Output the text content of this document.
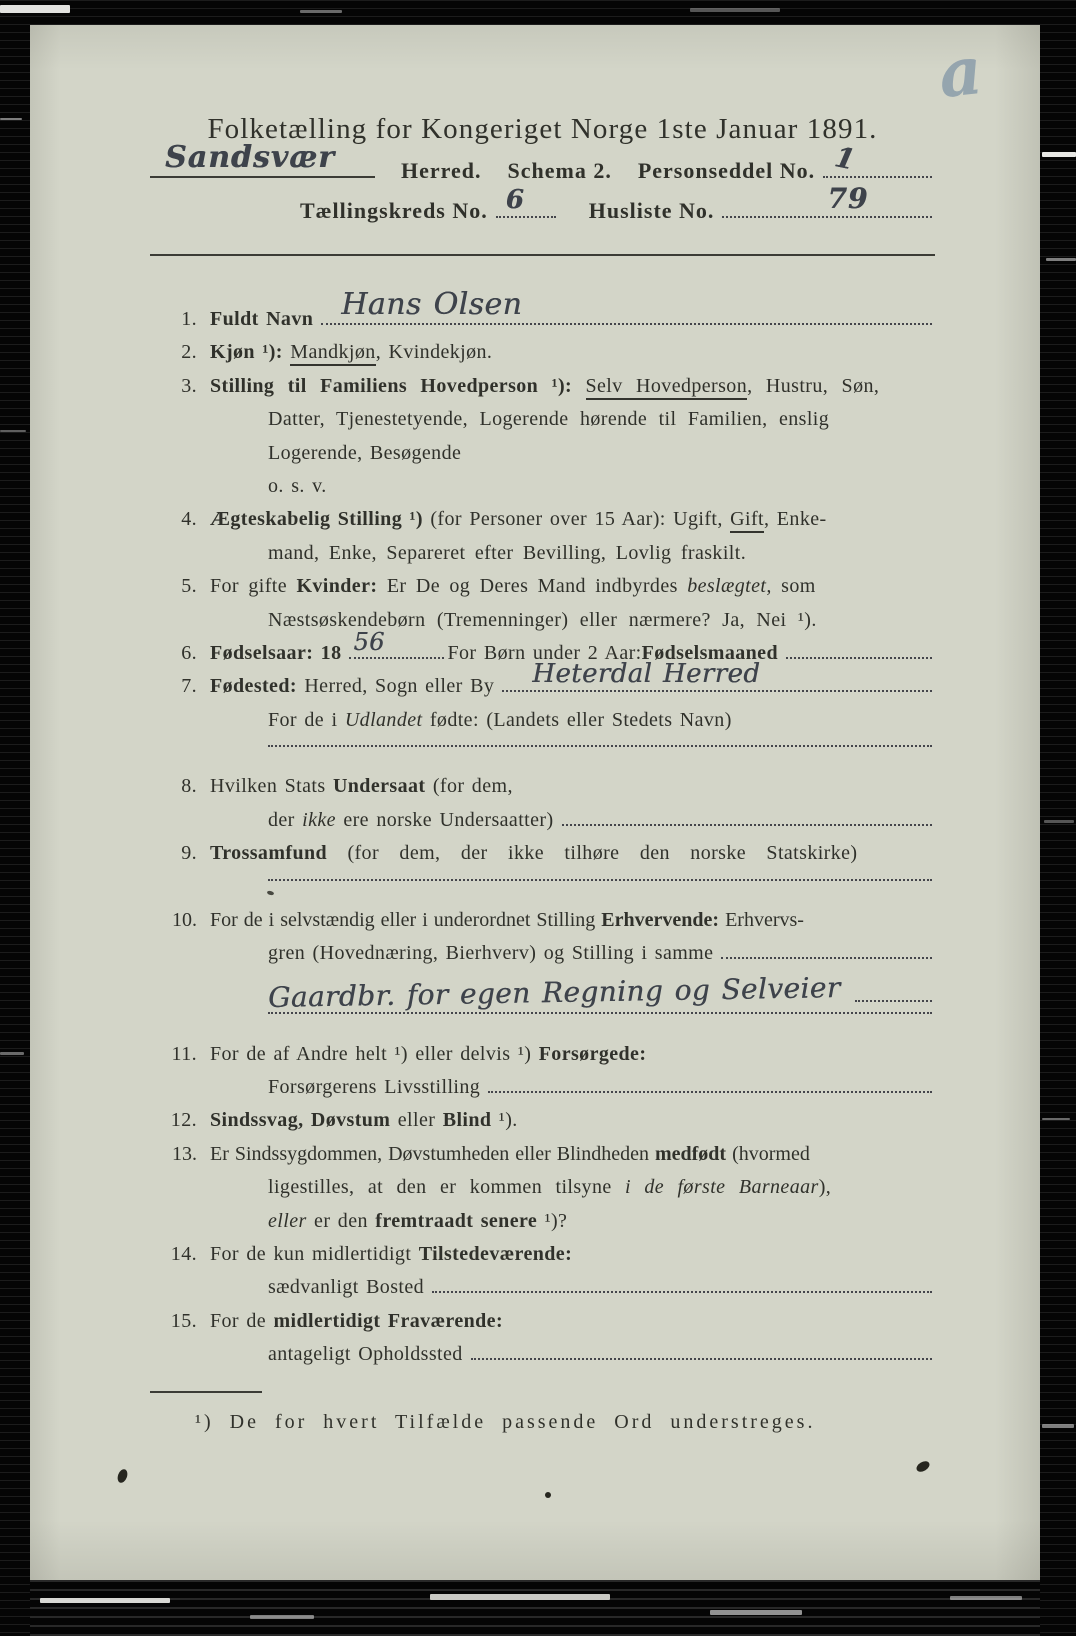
a
Folketælling for Kongeriget Norge 1ste Januar 1891.
Sandsvær	Herred. Schema 2. Personseddel No. 1
Tællingskreds No. 6	Husliste No.	79
1. Fuldt Navn Hans Olsen
2. Kjøn ¹): Mandkjøn, Kvindekjøn.
3. Stilling til Familiens Hovedperson ¹): Selv Hovedperson, Hustru, Søn,
Datter, Tjenestetyende, Logerende hørende til Familien, enslig
Logerende, Besøgende
o. s. v.
4. Ægteskabelig Stilling ¹) (for Personer over 15 Aar): Ugift, Gift, Enke-
mand, Enke, Separeret efter Bevilling, Lovlig fraskilt.
5. For gifte Kvinder: Er De og Deres Mand indbyrdes beslægtet, som
Næstsøskendebørn (Tremenninger) eller nærmere? Ja, Nei ¹).
6. Fødselsaar: 18 56	For Børn under 2 Aar: Fødselsmaaned
7. Fødested: Herred, Sogn eller By Heterdal Herred
For de i Udlandet fødte: (Landets eller Stedets Navn)
8. Hvilken Stats Undersaat (for dem,
der ikke ere norske Undersaatter)
9. Trossamfund (for dem, der ikke tilhøre den norske Statskirke)
10. For de i selvstændig eller i underordnet Stilling Erhvervende: Erhvervs-
gren (Hovednæring, Bierhverv) og Stilling i samme
Gaardbr. for egen Regning og Selveier
11. For de af Andre helt ¹) eller delvis ¹) Forsørgede:
Forsørgerens Livsstilling
12. Sindssvag, Døvstum eller Blind ¹).
13. Er Sindssygdommen, Døvstumheden eller Blindheden medfødt (hvormed
ligestilles, at den er kommen tilsyne i de første Barneaar),
eller er den fremtraadt senere ¹)?
14. For de kun midlertidigt Tilstedeværende:
sædvanligt Bosted
15. For de midlertidigt Fraværende:
antageligt Opholdssted
¹) De for hvert Tilfælde passende Ord understreges.
